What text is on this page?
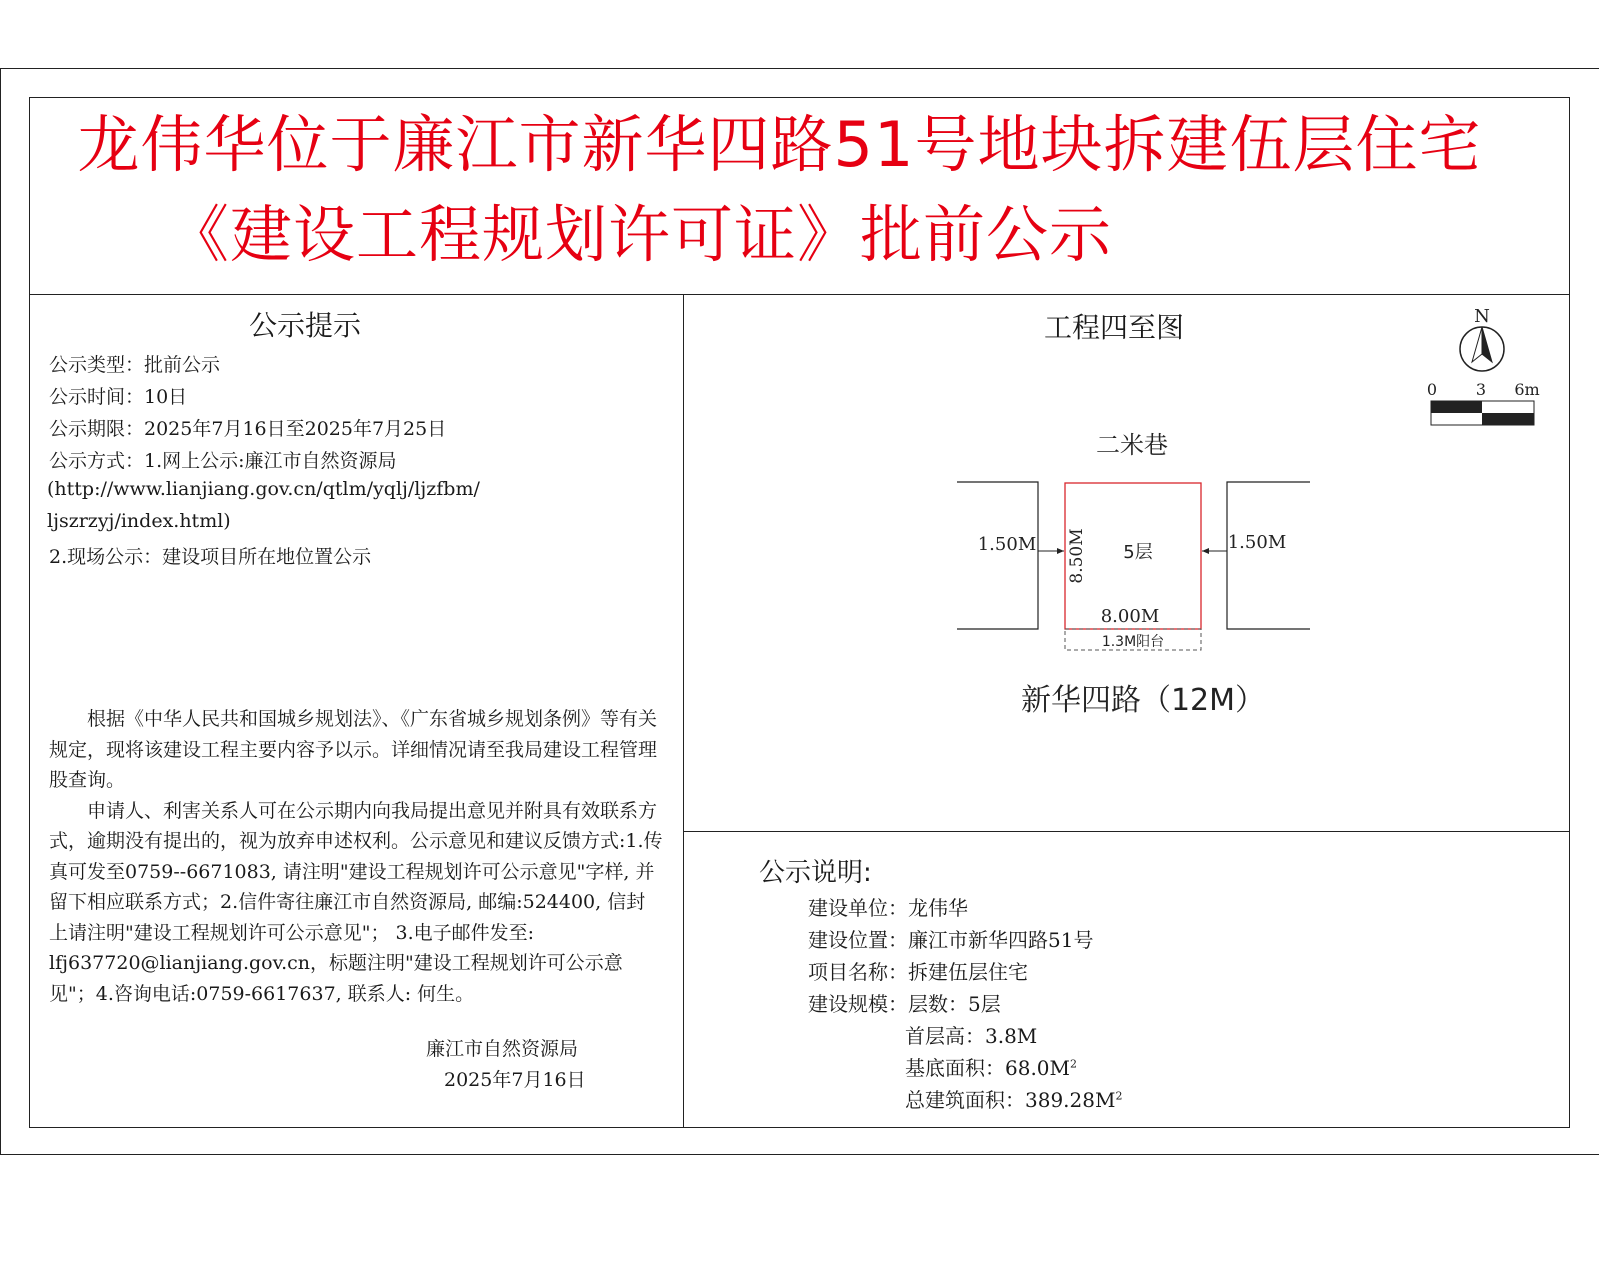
龙伟华位于廉江市新华四路51号地块拆建伍层住宅
《建设工程规划许可证》批前公示
公示提示
公示类型：批前公示
公示时间：10日
公示期限：2025年7月16日至2025年7月25日
公示方式：1.网上公示:廉江市自然资源局
(http://www.lianjiang.gov.cn/qtlm/yqlj/ljzfbm/
ljszrzyj/index.html)
2.现场公示：建设项目所在地位置公示

根据《中华人民共和国城乡规划法》、《广东省城乡规划条例》等有关规定，现将该建设工程主要内容予以示。详细情况请至我局建设工程管理股查询。

申请人、利害关系人可在公示期内向我局提出意见并附具有效联系方式，逾期没有提出的，视为放弃申述权利。公示意见和建议反馈方式:1.传真可发至0759--6671083, 请注明"建设工程规划许可公示意见"字样, 并留下相应联系方式；2.信件寄往廉江市自然资源局, 邮编:524400, 信封上请注明"建设工程规划许可公示意见"； 3.电子邮件发至: lfj637720@lianjiang.gov.cn，标题注明"建设工程规划许可公示意见"；4.咨询电话:0759-6617637, 联系人: 何生。

廉江市自然资源局
2025年7月16日
工程四至图	N
0 3 6m
二米巷
5层
8.50M
8.00M
1.50M	1.50M
1.3M阳台
新华四路（12M）
公示说明:
建设单位：龙伟华
建设位置：廉江市新华四路51号
项目名称：拆建伍层住宅
建设规模：层数：5层
首层高：3.8M
基底面积：$68.0M^2$
总建筑面积：$389.28M^2$
